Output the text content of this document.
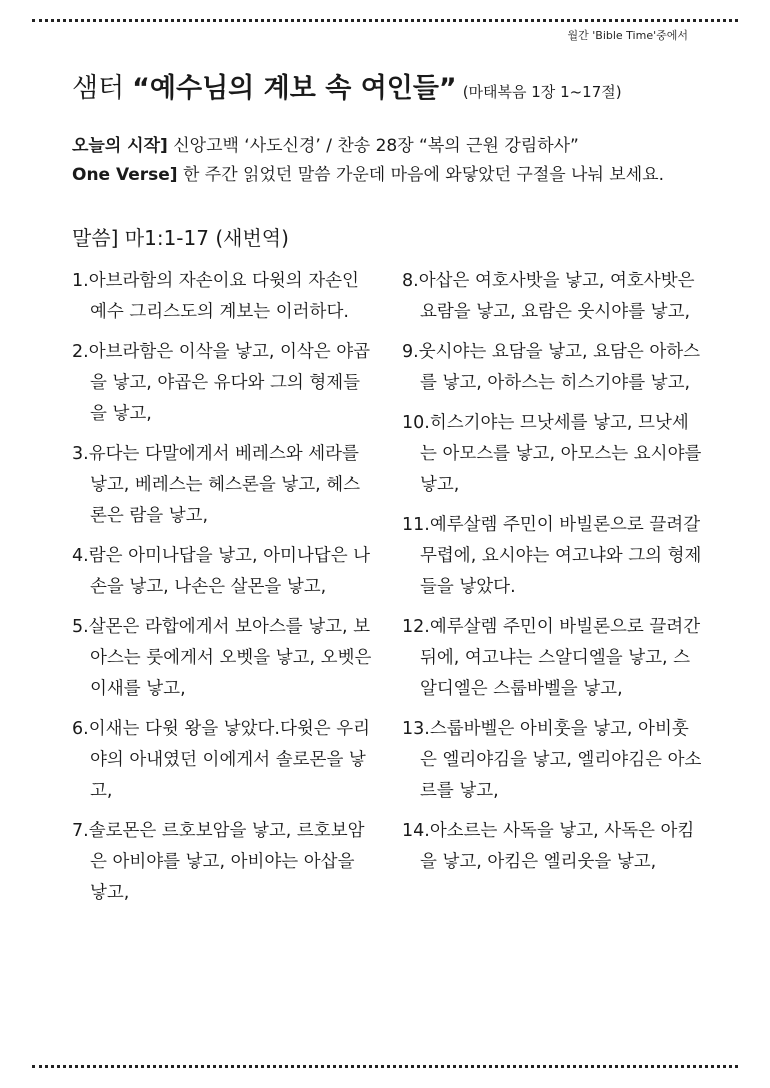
월간 'Bible Time'중에서
샘터 “예수님의 계보 속 여인들” (마태복음 1장 1~17절)
오늘의 시작] 신앙고백 ‘사도신경’ / 찬송 28장 “복의 근원 강림하사”
One Verse] 한 주간 읽었던 말씀 가운데 마음에 와닿았던 구절을 나눠 보세요.
말씀] 마1:1-17 (새번역)

1.아브라함의 자손이요 다윗의 자손인 예수 그리스도의 계보는 이러하다.

2.아브라함은 이삭을 낳고, 이삭은 야곱을 낳고, 야곱은 유다와 그의 형제들을 낳고,

3.유다는 다말에게서 베레스와 세라를 낳고, 베레스는 헤스론을 낳고, 헤스론은 람을 낳고,

4.람은 아미나답을 낳고, 아미나답은 나손을 낳고, 나손은 살몬을 낳고,

5.살몬은 라합에게서 보아스를 낳고, 보아스는 룻에게서 오벳을 낳고, 오벳은 이새를 낳고,

6.이새는 다윗 왕을 낳았다.다윗은 우리야의 아내였던 이에게서 솔로몬을 낳고,

7.솔로몬은 르호보암을 낳고, 르호보암은 아비야를 낳고, 아비야는 아삽을 낳고,

8.아삽은 여호사밧을 낳고, 여호사밧은 요람을 낳고, 요람은 웃시야를 낳고,

9.웃시야는 요담을 낳고, 요담은 아하스를 낳고, 아하스는 히스기야를 낳고,

10.히스기야는 므낫세를 낳고, 므낫세는 아모스를 낳고, 아모스는 요시야를 낳고,

11.예루살렘 주민이 바빌론으로 끌려갈 무렵에, 요시야는 여고냐와 그의 형제들을 낳았다.

12.예루살렘 주민이 바빌론으로 끌려간 뒤에, 여고냐는 스알디엘을 낳고, 스알디엘은 스룹바벨을 낳고,

13.스룹바벨은 아비훗을 낳고, 아비훗은 엘리야김을 낳고, 엘리야김은 아소르를 낳고,

14.아소르는 사독을 낳고, 사독은 아킴을 낳고, 아킴은 엘리웃을 낳고,
